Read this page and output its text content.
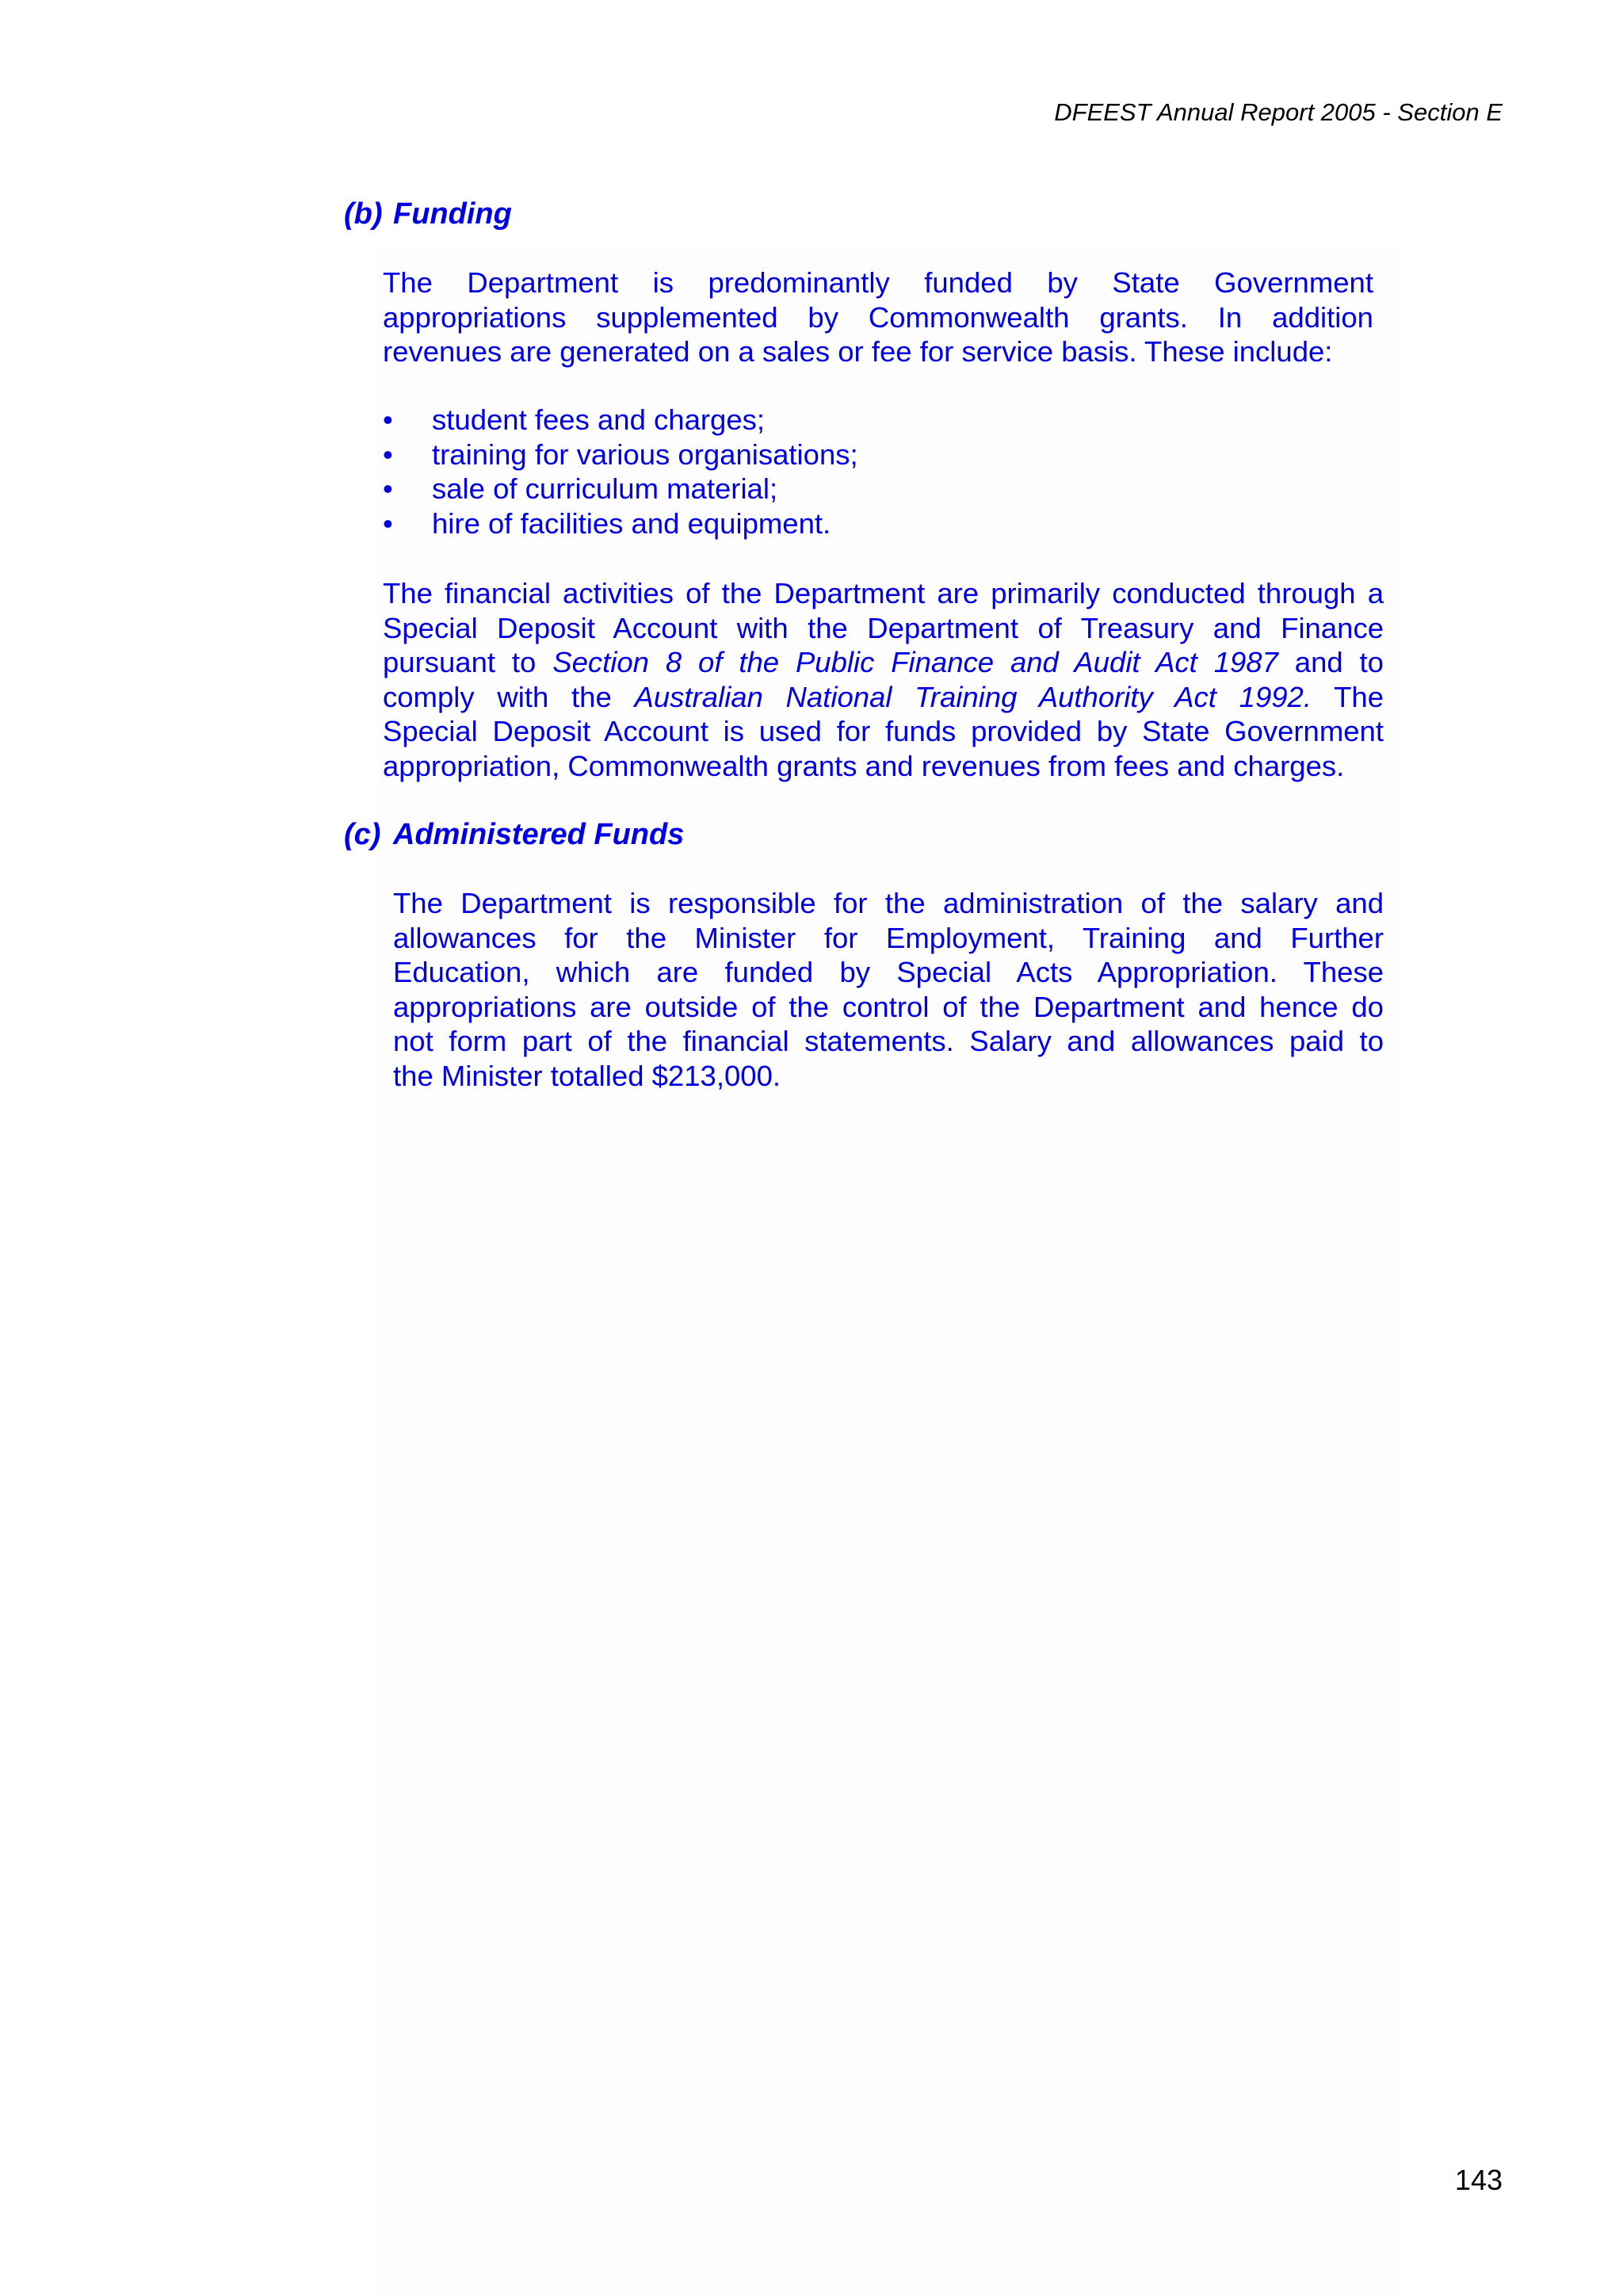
DFEEST Annual Report 2005 - Section E
(b) Funding
The Department is predominantly funded by State Government
appropriations supplemented by Commonwealth grants. In addition
revenues are generated on a sales or fee for service basis. These include:
•	student fees and charges;
•	training for various organisations;
•	sale of curriculum material;
•	hire of facilities and equipment.
The financial activities of the Department are primarily conducted through a
Special Deposit Account with the Department of Treasury and Finance
pursuant to Section 8 of the Public Finance and Audit Act 1987 and to
comply with the Australian National Training Authority Act 1992. The
Special Deposit Account is used for funds provided by State Government
appropriation, Commonwealth grants and revenues from fees and charges.
(c) Administered Funds
The Department is responsible for the administration of the salary and
allowances for the Minister for Employment, Training and Further
Education, which are funded by Special Acts Appropriation. These
appropriations are outside of the control of the Department and hence do
not form part of the financial statements. Salary and allowances paid to
the Minister totalled $213,000.
143
